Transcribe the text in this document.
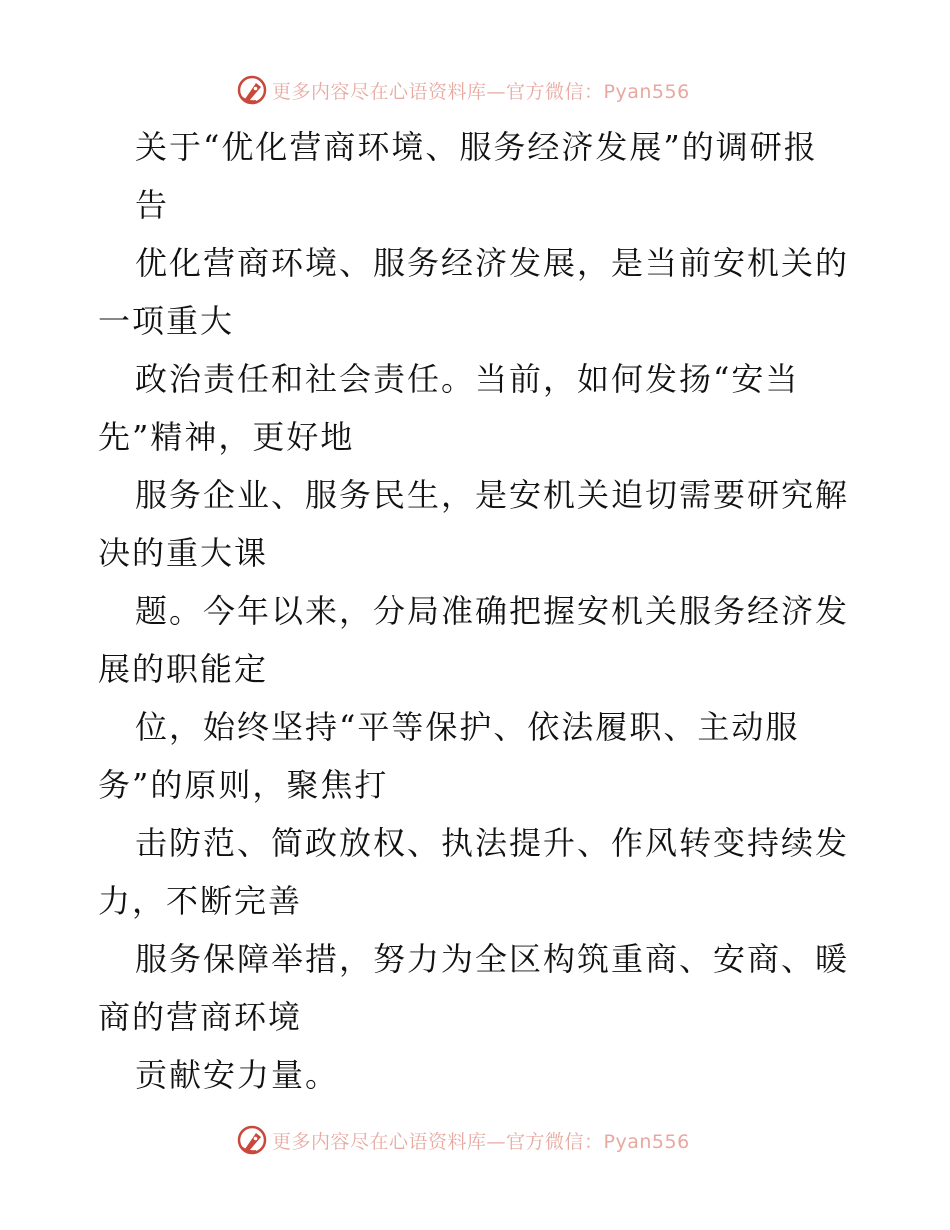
更多内容尽在心语资料库—官方微信：Pyan556
关于“优化营商环境、服务经济发展”的调研报
告
优化营商环境、服务经济发展，是当前安机关的
一项重大
政治责任和社会责任。当前，如何发扬“安当
先”精神，更好地
服务企业、服务民生，是安机关迫切需要研究解
决的重大课
题。今年以来，分局准确把握安机关服务经济发
展的职能定
位，始终坚持“平等保护、依法履职、主动服
务”的原则，聚焦打
击防范、简政放权、执法提升、作风转变持续发
力，不断完善
服务保障举措，努力为全区构筑重商、安商、暖
商的营商环境
贡献安力量。
更多内容尽在心语资料库—官方微信：Pyan556
